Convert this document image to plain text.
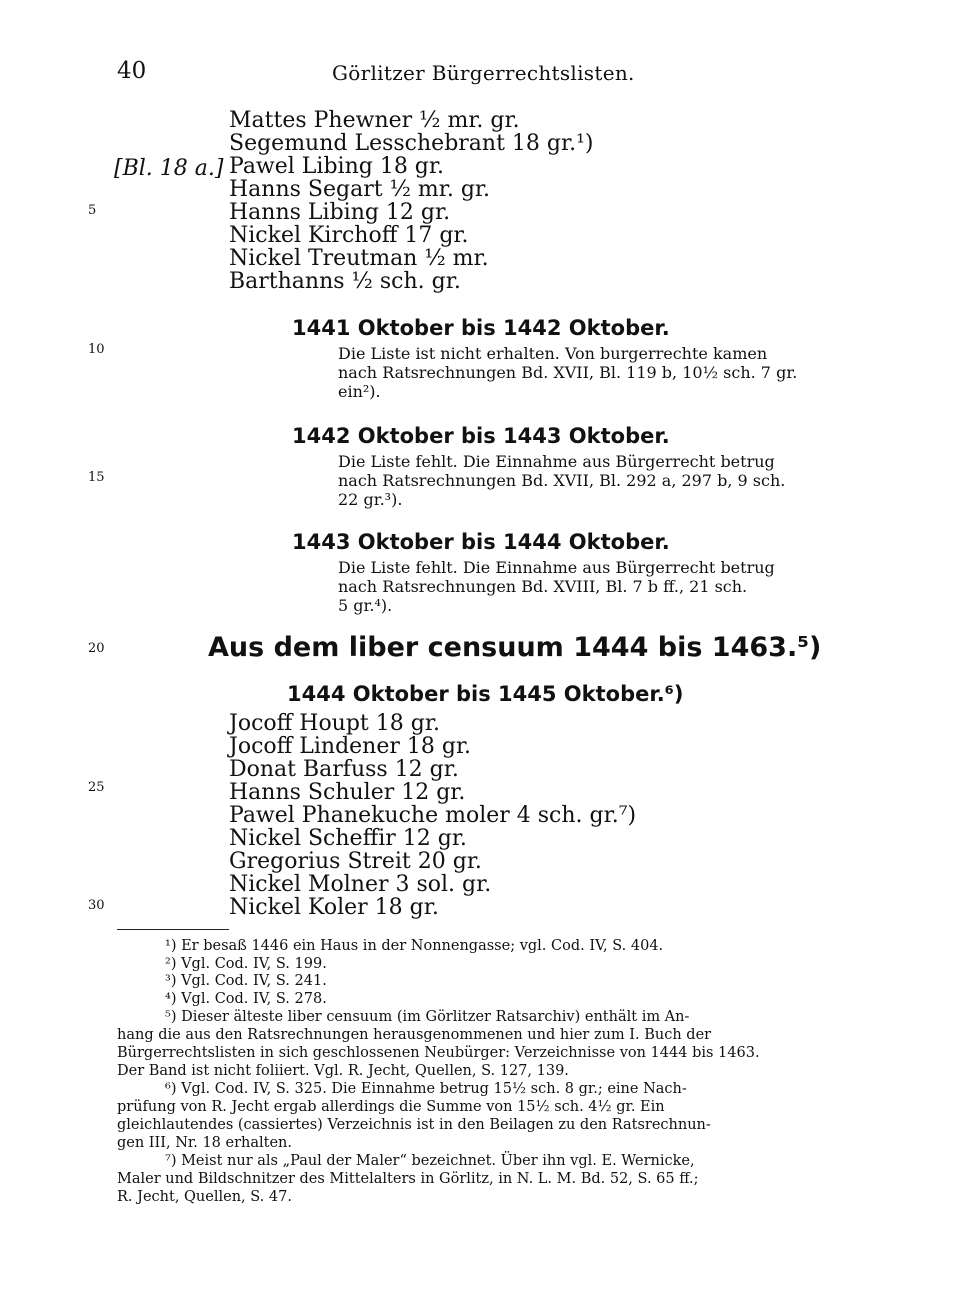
40	Görlitzer Bürgerrechtslisten.
5
10
15
20
25
30
[Bl. 18 a.]
Mattes Phewner ½ mr. gr.
Segemund Lesschebrant 18 gr.¹)
Pawel Libing 18 gr.
Hanns Segart ½ mr. gr.
Hanns Libing 12 gr.
Nickel Kirchoff 17 gr.
Nickel Treutman ½ mr.
Barthanns ½ sch. gr.
1441 Oktober bis 1442 Oktober.
Die Liste ist nicht erhalten. Von burgerrechte kamen
nach Ratsrechnungen Bd. XVII, Bl. 119 b, 10½ sch. 7 gr.
ein²).
1442 Oktober bis 1443 Oktober.
Die Liste fehlt. Die Einnahme aus Bürgerrecht betrug
nach Ratsrechnungen Bd. XVII, Bl. 292 a, 297 b, 9 sch.
22 gr.³).
1443 Oktober bis 1444 Oktober.
Die Liste fehlt. Die Einnahme aus Bürgerrecht betrug
nach Ratsrechnungen Bd. XVIII, Bl. 7 b ff., 21 sch.
5 gr.⁴).
Aus dem liber censuum 1444 bis 1463.⁵)
1444 Oktober bis 1445 Oktober.⁶)
Jocoff Houpt 18 gr.
Jocoff Lindener 18 gr.
Donat Barfuss 12 gr.
Hanns Schuler 12 gr.
Pawel Phanekuche moler 4 sch. gr.⁷)
Nickel Scheffir 12 gr.
Gregorius Streit 20 gr.
Nickel Molner 3 sol. gr.
Nickel Koler 18 gr.
¹) Er besaß 1446 ein Haus in der Nonnengasse; vgl. Cod. IV, S. 404.
²) Vgl. Cod. IV, S. 199.
³) Vgl. Cod. IV, S. 241.
⁴) Vgl. Cod. IV, S. 278.
⁵) Dieser älteste liber censuum (im Görlitzer Ratsarchiv) enthält im An-
hang die aus den Ratsrechnungen herausgenommenen und hier zum I. Buch der
Bürgerrechtslisten in sich geschlossenen Neubürger: Verzeichnisse von 1444 bis 1463.
Der Band ist nicht foliiert. Vgl. R. Jecht, Quellen, S. 127, 139.
⁶) Vgl. Cod. IV, S. 325. Die Einnahme betrug 15½ sch. 8 gr.; eine Nach-
prüfung von R. Jecht ergab allerdings die Summe von 15½ sch. 4½ gr. Ein
gleichlautendes (cassiertes) Verzeichnis ist in den Beilagen zu den Ratsrechnun-
gen III, Nr. 18 erhalten.
⁷) Meist nur als „Paul der Maler“ bezeichnet. Über ihn vgl. E. Wernicke,
Maler und Bildschnitzer des Mittelalters in Görlitz, in N. L. M. Bd. 52, S. 65 ff.;
R. Jecht, Quellen, S. 47.
